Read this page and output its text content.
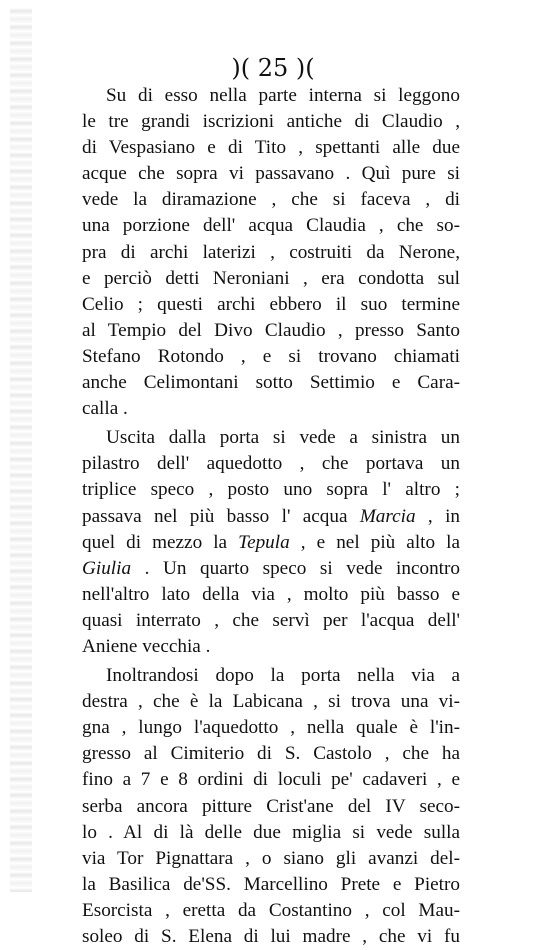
)( 25 )(
Su di esso nella parte interna si leggono
le tre grandi iscrizioni antiche di Claudio ,
di Vespasiano e di Tito , spettanti alle due
acque che sopra vi passavano . Quì pure si
vede la diramazione , che si faceva , di
una porzione dell' acqua Claudia , che so-
pra di archi laterizi , costruiti da Nerone,
e perciò detti Neroniani , era condotta sul
Celio ; questi archi ebbero il suo termine
al Tempio del Divo Claudio , presso Santo
Stefano Rotondo , e si trovano chiamati
anche Celimontani sotto Settimio e Cara-
calla .
Uscita dalla porta si vede a sinistra un
pilastro dell' aquedotto , che portava un
triplice speco , posto uno sopra l' altro ;
passava nel più basso l' acqua Marcia , in
quel di mezzo la Tepula , e nel più alto la
Giulia . Un quarto speco si vede incontro
nell'altro lato della via , molto più basso e
quasi interrato , che servì per l'acqua dell'
Aniene vecchia .
Inoltrandosi dopo la porta nella via a
destra , che è la Labicana , si trova una vi-
gna , lungo l'aquedotto , nella quale è l'in-
gresso al Cimiterio di S. Castolo , che ha
fino a 7 e 8 ordini di loculi pe' cadaveri , e
serba ancora pitture Crist'ane del IV seco-
lo . Al di là delle due miglia si vede sulla
via Tor Pignattara , o siano gli avanzi del-
la Basilica de'SS. Marcellino Prete e Pietro
Esorcista , eretta da Costantino , col Mau-
soleo di S. Elena di lui madre , che vi fu
